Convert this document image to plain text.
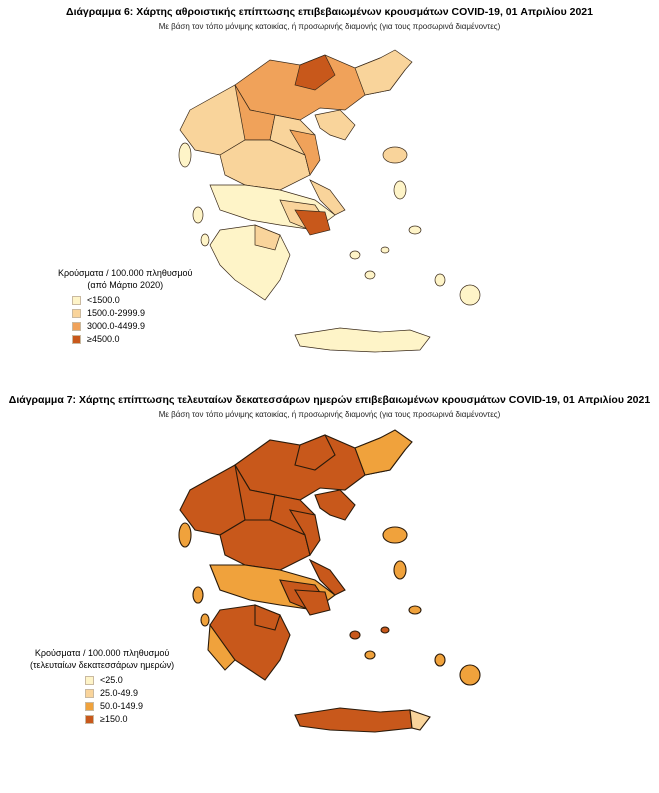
Διάγραμμα 6: Χάρτης αθροιστικής επίπτωσης επιβεβαιωμένων κρουσμάτων COVID-19, 01 Απριλίου 2021
Με βάση τον τόπο μόνιμης κατοικίας, ή προσωρινής διαμονής (για τους προσωρινά διαμένοντες)
Κρούσματα / 100.000 πληθυσμού
(από Μάρτιο 2020)
<1500.0
1500.0-2999.9
3000.0-4499.9
≥4500.0
Διάγραμμα 7: Χάρτης επίπτωσης τελευταίων δεκατεσσάρων ημερών επιβεβαιωμένων κρουσμάτων COVID-19, 01 Απριλίου 2021
Με βάση τον τόπο μόνιμης κατοικίας, ή προσωρινής διαμονής (για τους προσωρινά διαμένοντες)
Κρούσματα / 100.000 πληθυσμού
(τελευταίων δεκατεσσάρων ημερών)
<25.0
25.0-49.9
50.0-149.9
≥150.0
